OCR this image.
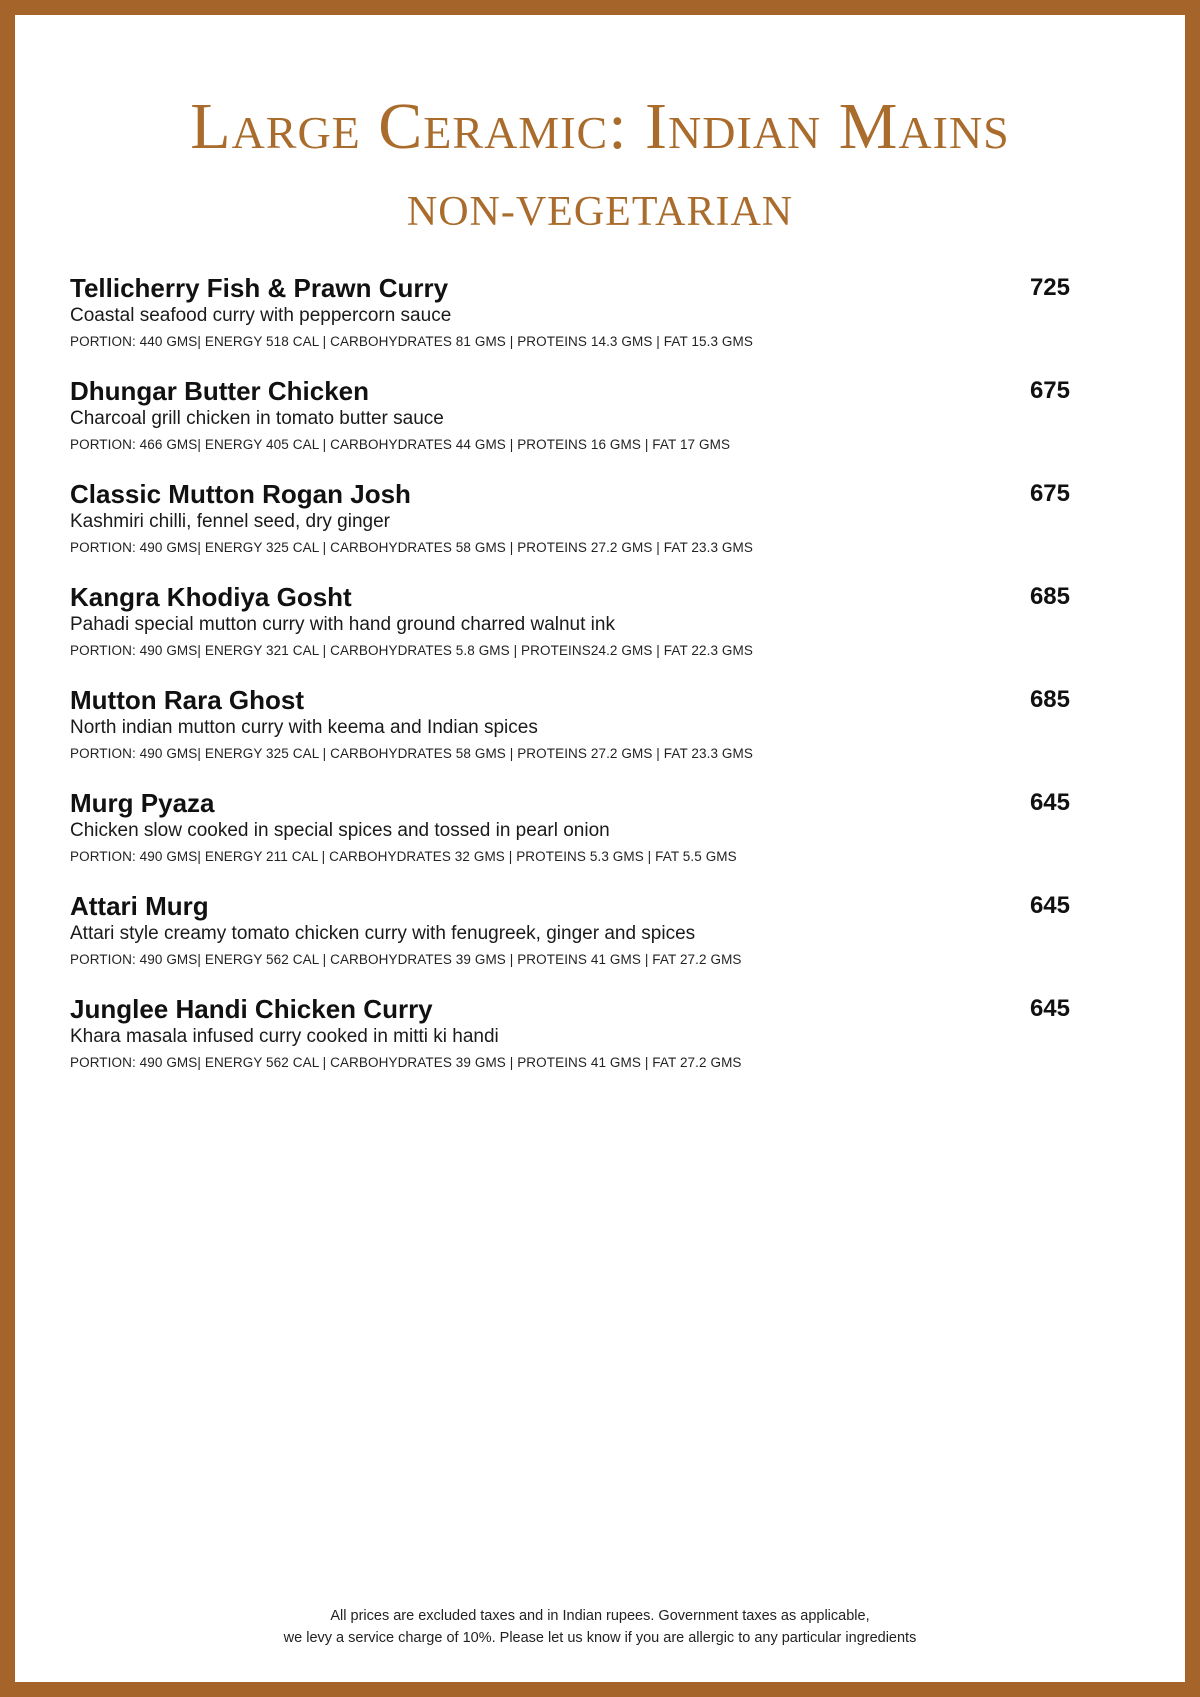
Large Ceramic: Indian Mains
NON-VEGETARIAN
Tellicherry Fish & Prawn Curry	725
Coastal seafood curry with peppercorn sauce
PORTION: 440 GMS| ENERGY 518 CAL | CARBOHYDRATES 81 GMS | PROTEINS 14.3 GMS | FAT 15.3 GMS
Dhungar Butter Chicken	675
Charcoal grill chicken in tomato butter sauce
PORTION: 466 GMS| ENERGY 405 CAL | CARBOHYDRATES 44 GMS | PROTEINS 16 GMS | FAT 17 GMS
Classic Mutton Rogan Josh	675
Kashmiri chilli, fennel seed, dry ginger
PORTION: 490 GMS| ENERGY 325 CAL | CARBOHYDRATES 58 GMS | PROTEINS 27.2 GMS | FAT 23.3 GMS
Kangra Khodiya Gosht	685
Pahadi special mutton curry with hand ground charred walnut ink
PORTION: 490 GMS| ENERGY 321 CAL | CARBOHYDRATES 5.8 GMS | PROTEINS24.2 GMS | FAT 22.3 GMS
Mutton Rara Ghost	685
North indian mutton curry with keema and Indian spices
PORTION: 490 GMS| ENERGY 325 CAL | CARBOHYDRATES 58 GMS | PROTEINS 27.2 GMS | FAT 23.3 GMS
Murg Pyaza	645
Chicken slow cooked in special spices and tossed in pearl onion
PORTION: 490 GMS| ENERGY 211 CAL | CARBOHYDRATES 32 GMS | PROTEINS 5.3 GMS | FAT 5.5 GMS
Attari Murg	645
Attari style creamy tomato chicken curry with fenugreek, ginger and spices
PORTION: 490 GMS| ENERGY 562 CAL | CARBOHYDRATES 39 GMS | PROTEINS 41 GMS | FAT 27.2 GMS
Junglee Handi Chicken Curry	645
Khara masala infused curry cooked in mitti ki handi
PORTION: 490 GMS| ENERGY 562 CAL | CARBOHYDRATES 39 GMS | PROTEINS 41 GMS | FAT 27.2 GMS
All prices are excluded taxes and in Indian rupees. Government taxes as applicable,
we levy a service charge of 10%. Please let us know if you are allergic to any particular ingredients
